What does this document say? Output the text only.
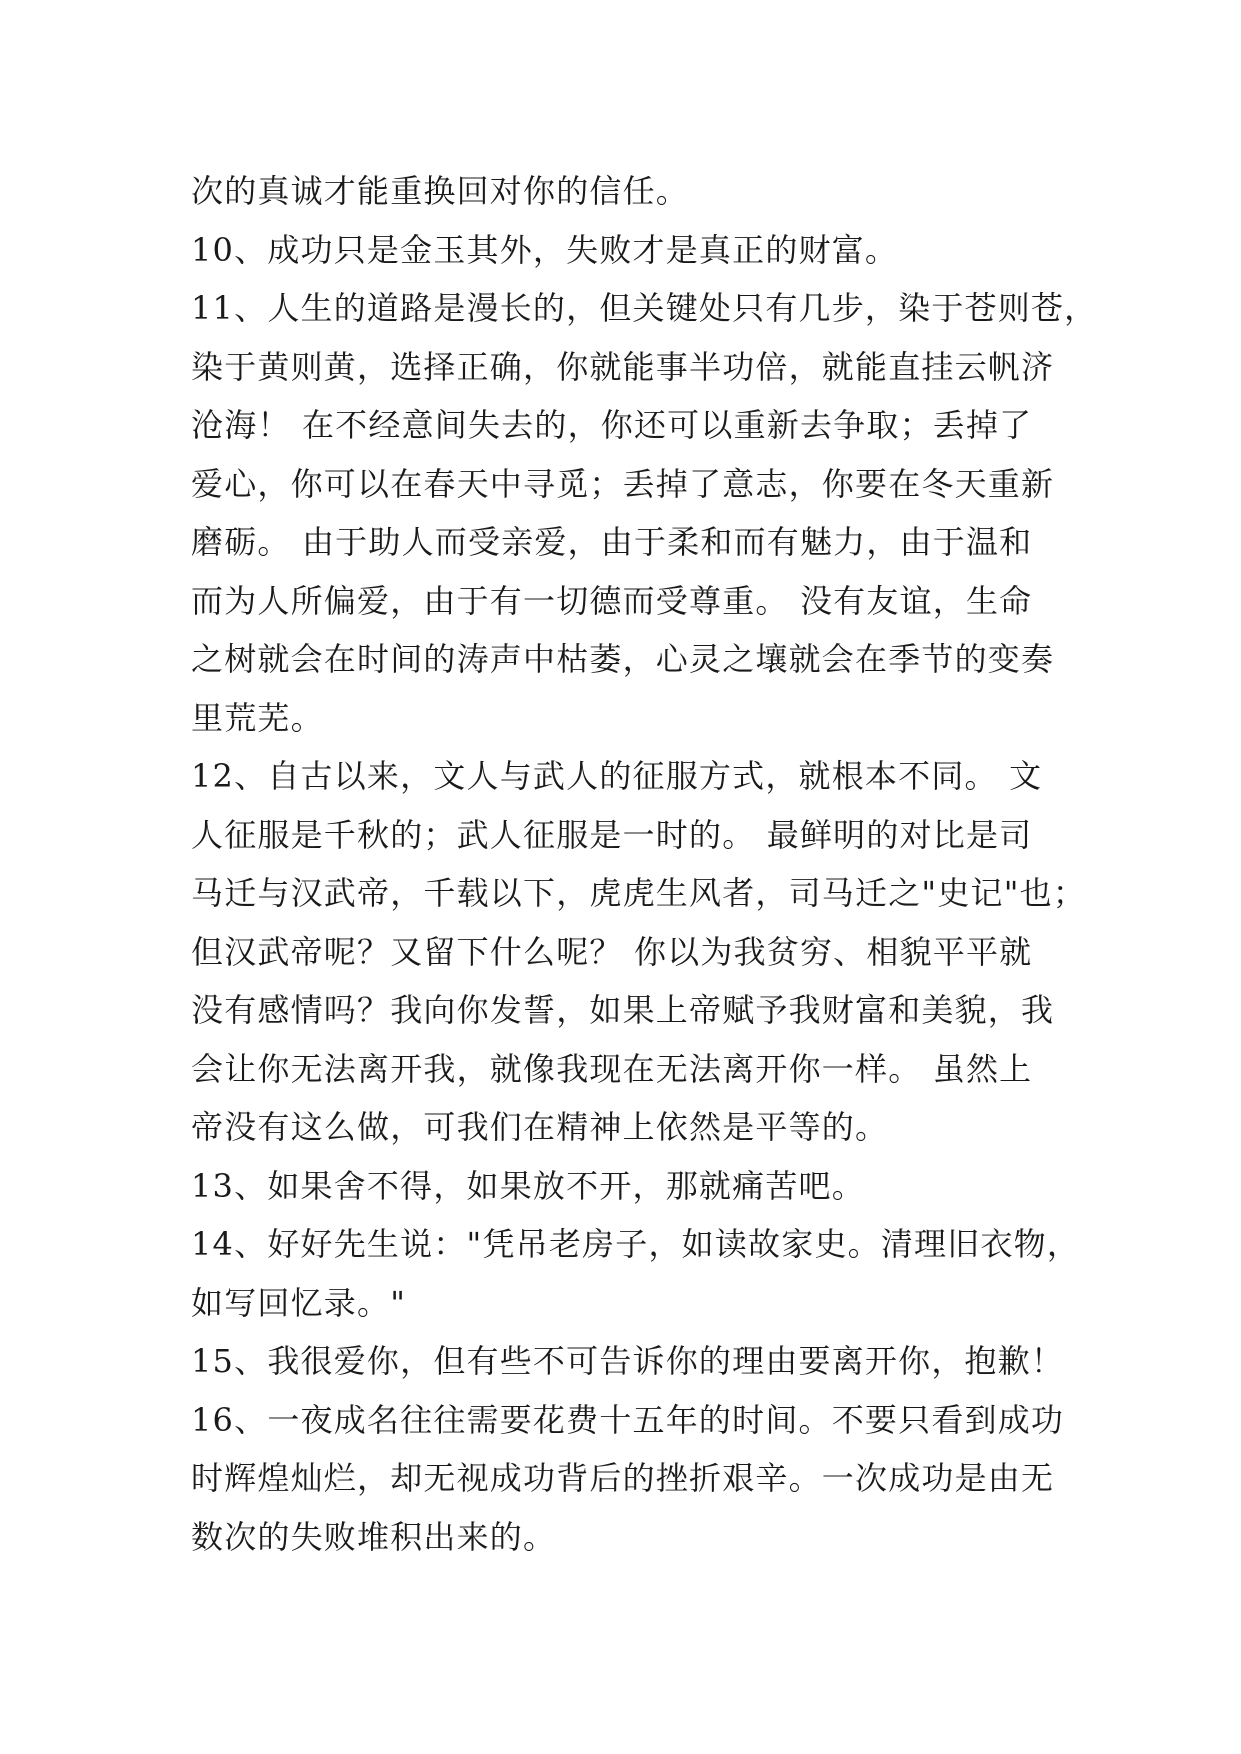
次的真诚才能重换回对你的信任。
10、成功只是金玉其外，失败才是真正的财富。
11、人生的道路是漫长的，但关键处只有几步，染于苍则苍，
染于黄则黄，选择正确，你就能事半功倍，就能直挂云帆济
沧海！ 在不经意间失去的，你还可以重新去争取；丢掉了
爱心，你可以在春天中寻觅；丢掉了意志，你要在冬天重新
磨砺。 由于助人而受亲爱，由于柔和而有魅力，由于温和
而为人所偏爱，由于有一切德而受尊重。 没有友谊，生命
之树就会在时间的涛声中枯萎，心灵之壤就会在季节的变奏
里荒芜。
12、自古以来，文人与武人的征服方式，就根本不同。 文
人征服是千秋的；武人征服是一时的。 最鲜明的对比是司
马迁与汉武帝，千载以下，虎虎生风者，司马迁之"史记"也；
但汉武帝呢？又留下什么呢？ 你以为我贫穷、相貌平平就
没有感情吗？我向你发誓，如果上帝赋予我财富和美貌，我
会让你无法离开我，就像我现在无法离开你一样。 虽然上
帝没有这么做，可我们在精神上依然是平等的。
13、如果舍不得，如果放不开，那就痛苦吧。
14、好好先生说："凭吊老房子，如读故家史。清理旧衣物，
如写回忆录。"
15、我很爱你，但有些不可告诉你的理由要离开你，抱歉！
16、一夜成名往往需要花费十五年的时间。不要只看到成功
时辉煌灿烂，却无视成功背后的挫折艰辛。一次成功是由无
数次的失败堆积出来的。
